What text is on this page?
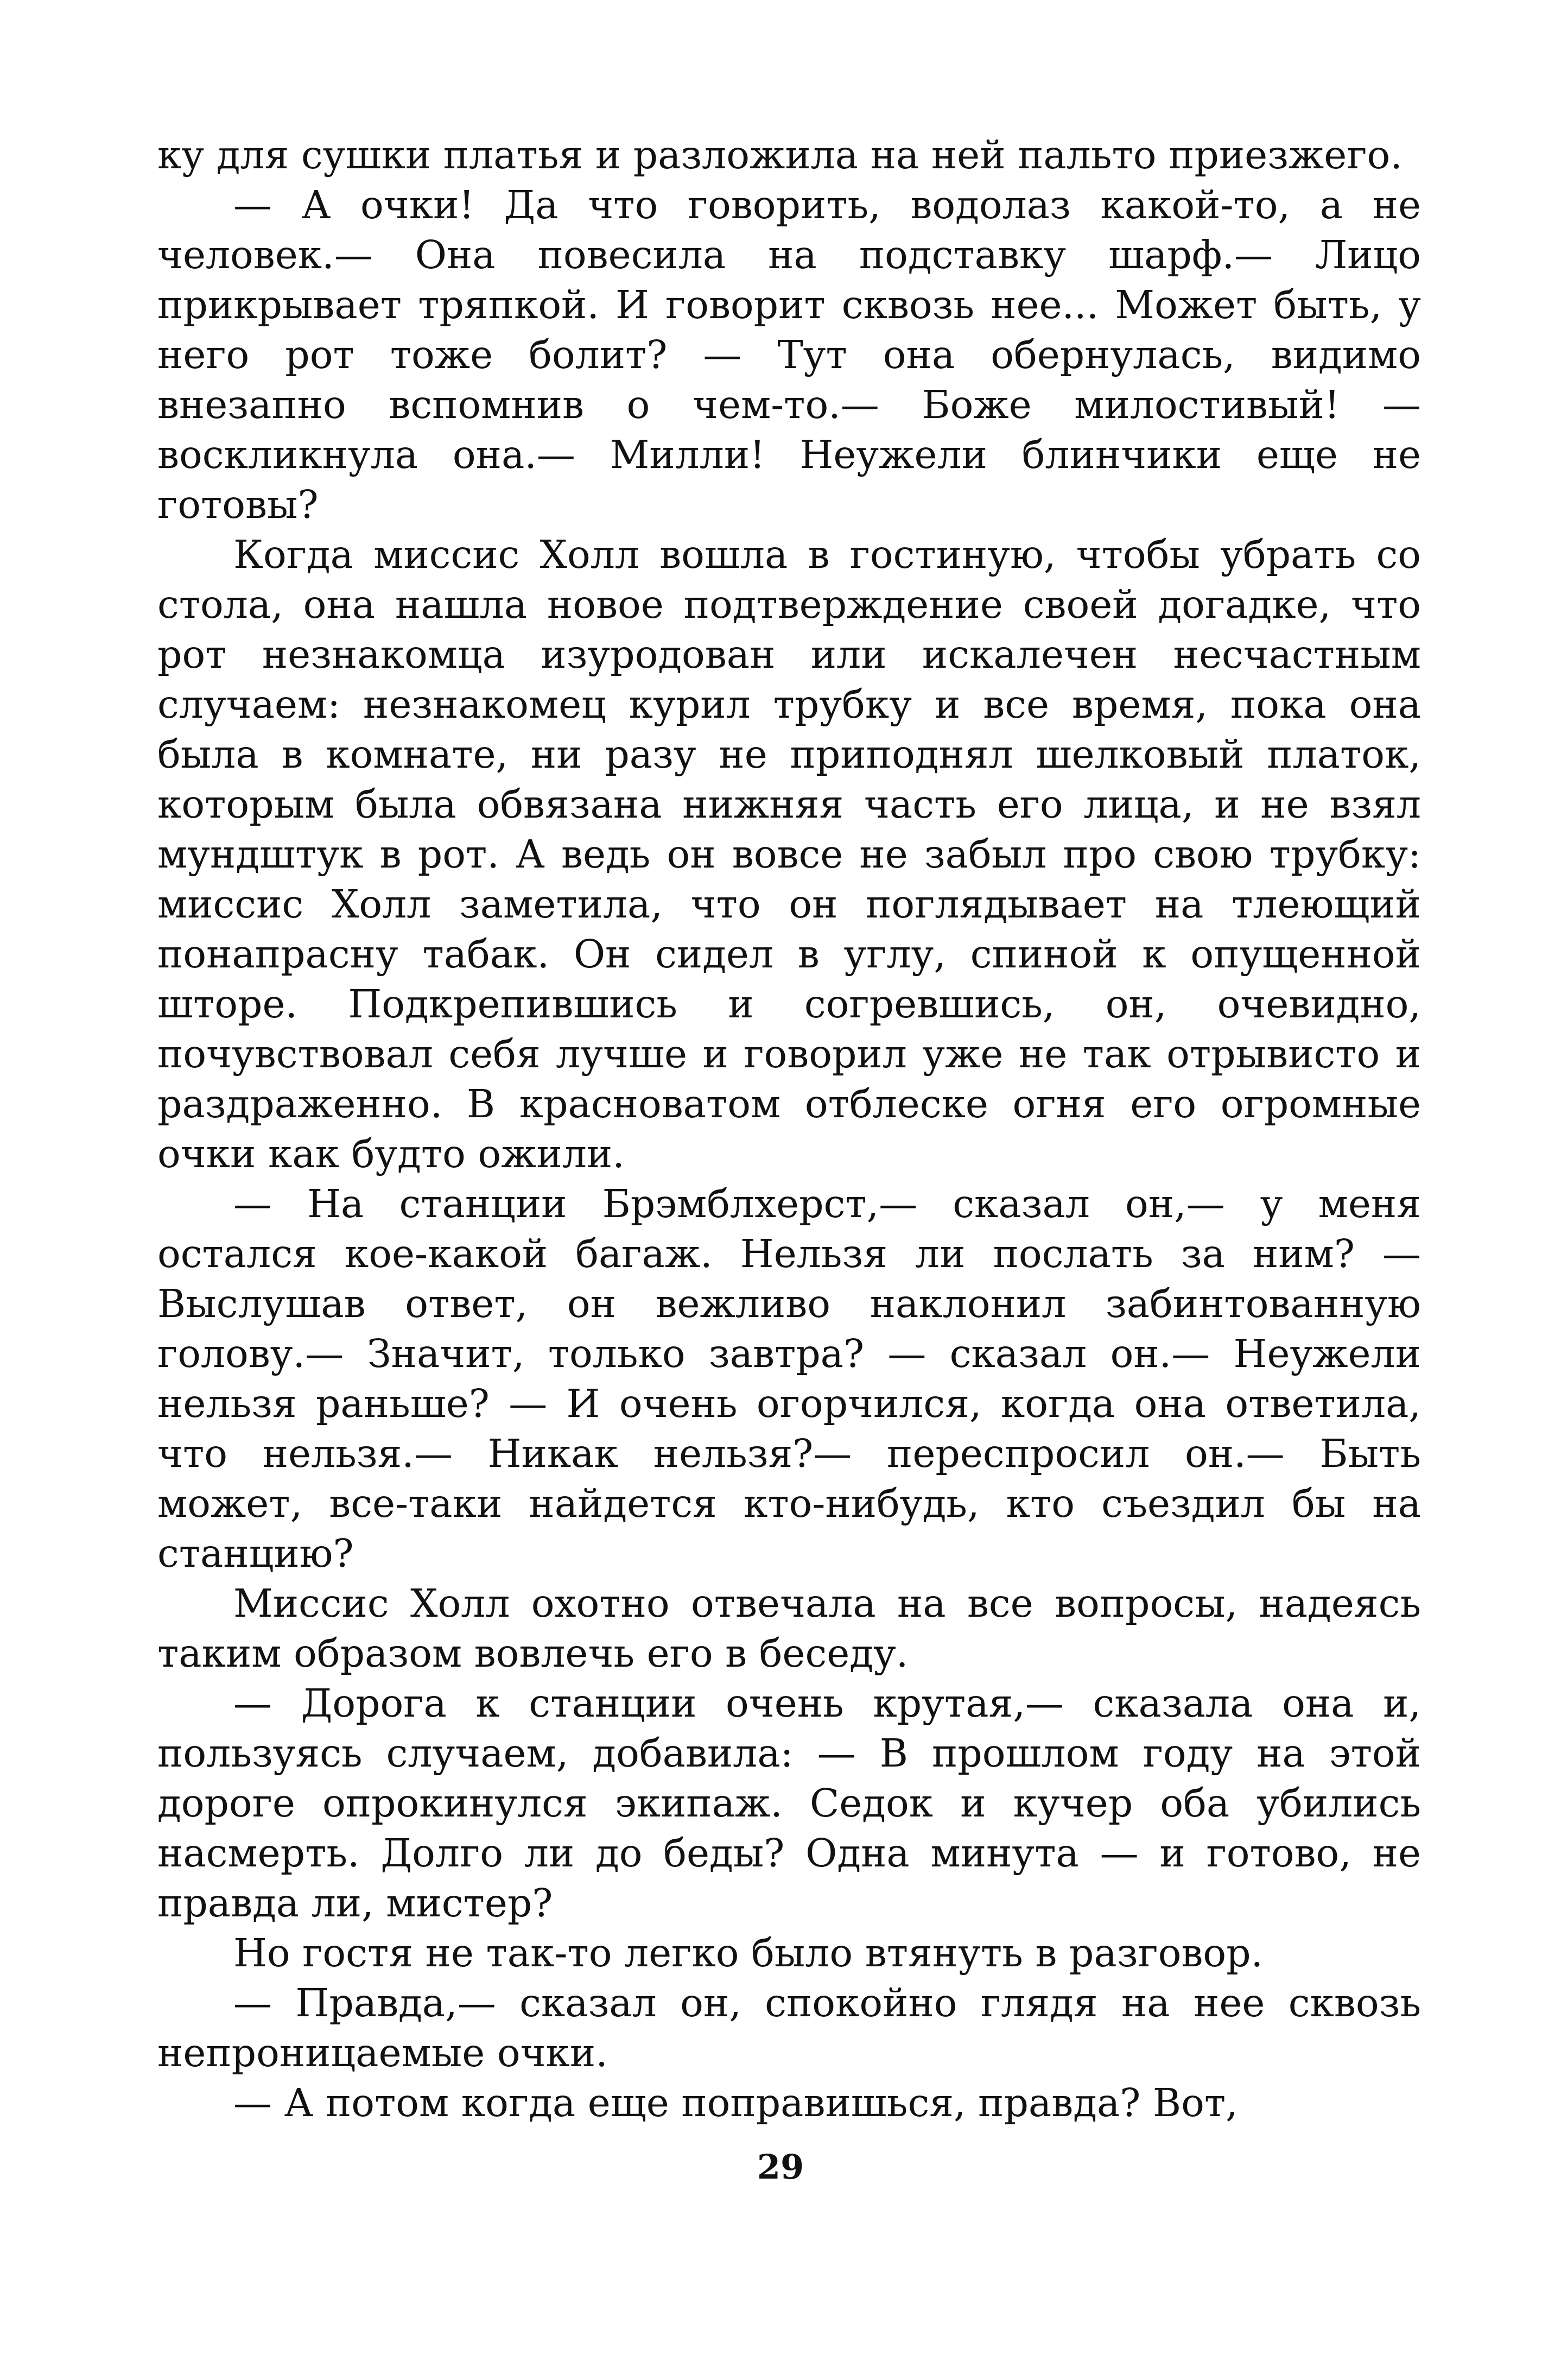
ку для сушки платья и разложила на ней пальто приезжего.

— А очки! Да что говорить, водолаз какой-то, а не человек.— Она повесила на подставку шарф.— Лицо прикрывает тряпкой. И говорит сквозь нее... Может быть, у него рот тоже болит? — Тут она обернулась, видимо внезапно вспомнив о чем-то.— Боже милостивый! — воскликнула она.— Милли! Неужели блинчики еще не готовы?

Когда миссис Холл вошла в гостиную, чтобы убрать со стола, она нашла новое подтверждение своей догадке, что рот незнакомца изуродован или искалечен несчастным случаем: незнакомец курил трубку и все время, пока она была в комнате, ни разу не приподнял шелковый платок, которым была обвязана нижняя часть его лица, и не взял мундштук в рот. А ведь он вовсе не забыл про свою трубку: миссис Холл заметила, что он поглядывает на тлеющий понапрасну табак. Он сидел в углу, спиной к опущенной шторе. Подкрепившись и согревшись, он, очевидно, почувствовал себя лучше и говорил уже не так отрывисто и раздраженно. В красноватом отблеске огня его огромные очки как будто ожили.

— На станции Брэмблхерст,— сказал он,— у меня остался кое-какой багаж. Нельзя ли послать за ним? — Выслушав ответ, он вежливо наклонил забинтованную голову.— Значит, только завтра? — сказал он.— Неужели нельзя раньше? — И очень огорчился, когда она ответила, что нельзя.— Никак нельзя?— переспросил он.— Быть может, все-таки найдется кто-нибудь, кто съездил бы на станцию?

Миссис Холл охотно отвечала на все вопросы, надеясь таким образом вовлечь его в беседу.

— Дорога к станции очень крутая,— сказала она и, пользуясь случаем, добавила: — В прошлом году на этой дороге опрокинулся экипаж. Седок и кучер оба убились насмерть. Долго ли до беды? Одна минута — и готово, не правда ли, мистер?

Но гостя не так-то легко было втянуть в разговор.

— Правда,— сказал он, спокойно глядя на нее сквозь непроницаемые очки.

— А потом когда еще поправишься, правда? Вот,

29
